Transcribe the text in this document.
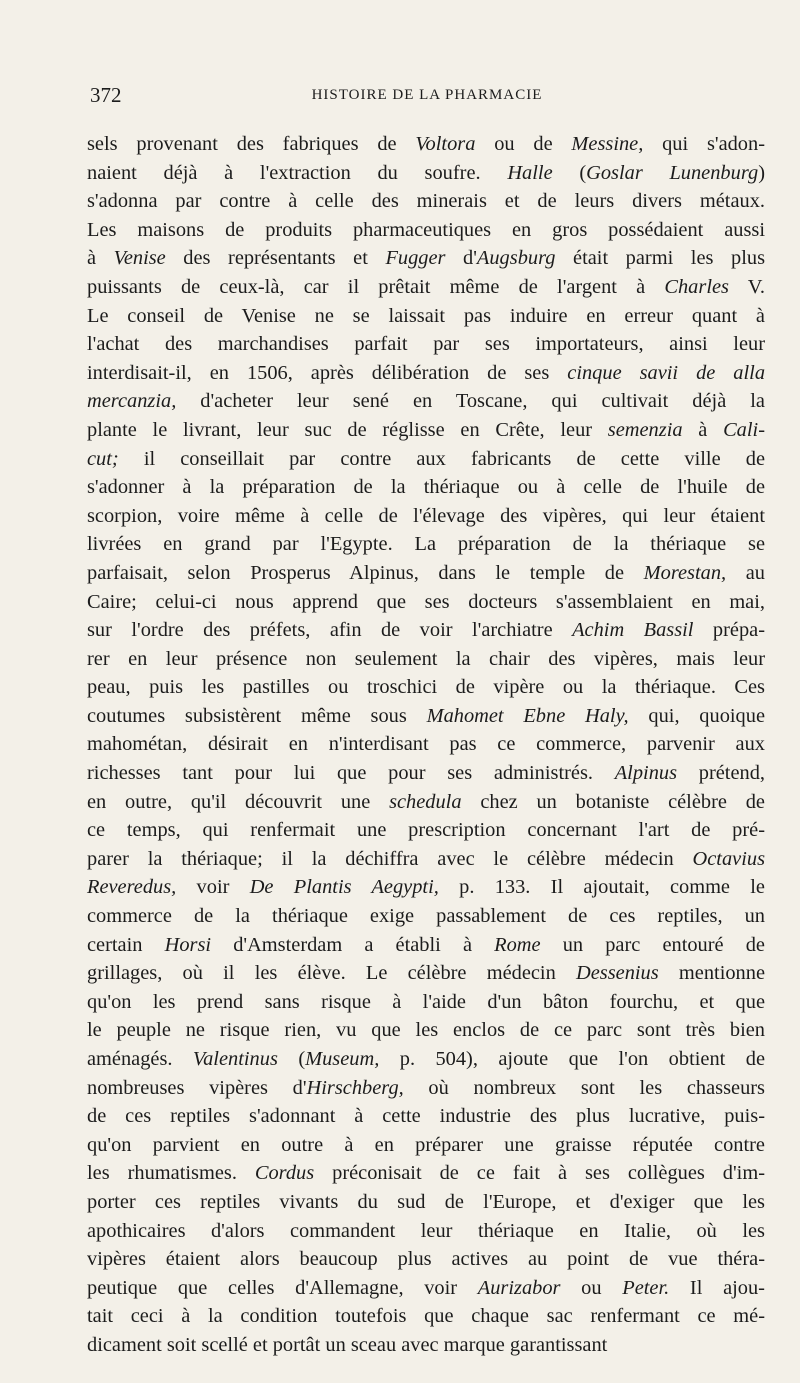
372	HISTOIRE DE LA PHARMACIE
sels provenant des fabriques de Voltora ou de Messine, qui s'adon-
naient déjà à l'extraction du soufre. Halle (Goslar Lunenburg)
s'adonna par contre à celle des minerais et de leurs divers métaux.
Les maisons de produits pharmaceutiques en gros possédaient aussi
à Venise des représentants et Fugger d'Augsburg était parmi les plus
puissants de ceux-là, car il prêtait même de l'argent à Charles V.
Le conseil de Venise ne se laissait pas induire en erreur quant à
l'achat des marchandises parfait par ses importateurs, ainsi leur
interdisait-il, en 1506, après délibération de ses cinque savii de alla
mercanzia, d'acheter leur sené en Toscane, qui cultivait déjà la
plante le livrant, leur suc de réglisse en Crête, leur semenzia à Cali-
cut; il conseillait par contre aux fabricants de cette ville de
s'adonner à la préparation de la thériaque ou à celle de l'huile de
scorpion, voire même à celle de l'élevage des vipères, qui leur étaient
livrées en grand par l'Egypte. La préparation de la thériaque se
parfaisait, selon Prosperus Alpinus, dans le temple de Morestan, au
Caire; celui-ci nous apprend que ses docteurs s'assemblaient en mai,
sur l'ordre des préfets, afin de voir l'archiatre Achim Bassil prépa-
rer en leur présence non seulement la chair des vipères, mais leur
peau, puis les pastilles ou troschici de vipère ou la thériaque. Ces
coutumes subsistèrent même sous Mahomet Ebne Haly, qui, quoique
mahométan, désirait en n'interdisant pas ce commerce, parvenir aux
richesses tant pour lui que pour ses administrés. Alpinus prétend,
en outre, qu'il découvrit une schedula chez un botaniste célèbre de
ce temps, qui renfermait une prescription concernant l'art de pré-
parer la thériaque; il la déchiffra avec le célèbre médecin Octavius
Reveredus, voir De Plantis Aegypti, p. 133. Il ajoutait, comme le
commerce de la thériaque exige passablement de ces reptiles, un
certain Horsi d'Amsterdam a établi à Rome un parc entouré de
grillages, où il les élève. Le célèbre médecin Dessenius mentionne
qu'on les prend sans risque à l'aide d'un bâton fourchu, et que
le peuple ne risque rien, vu que les enclos de ce parc sont très bien
aménagés. Valentinus (Museum, p. 504), ajoute que l'on obtient de
nombreuses vipères d'Hirschberg, où nombreux sont les chasseurs
de ces reptiles s'adonnant à cette industrie des plus lucrative, puis-
qu'on parvient en outre à en préparer une graisse réputée contre
les rhumatismes. Cordus préconisait de ce fait à ses collègues d'im-
porter ces reptiles vivants du sud de l'Europe, et d'exiger que les
apothicaires d'alors commandent leur thériaque en Italie, où les
vipères étaient alors beaucoup plus actives au point de vue théra-
peutique que celles d'Allemagne, voir Aurizabor ou Peter. Il ajou-
tait ceci à la condition toutefois que chaque sac renfermant ce mé-
dicament soit scellé et portât un sceau avec marque garantissant
